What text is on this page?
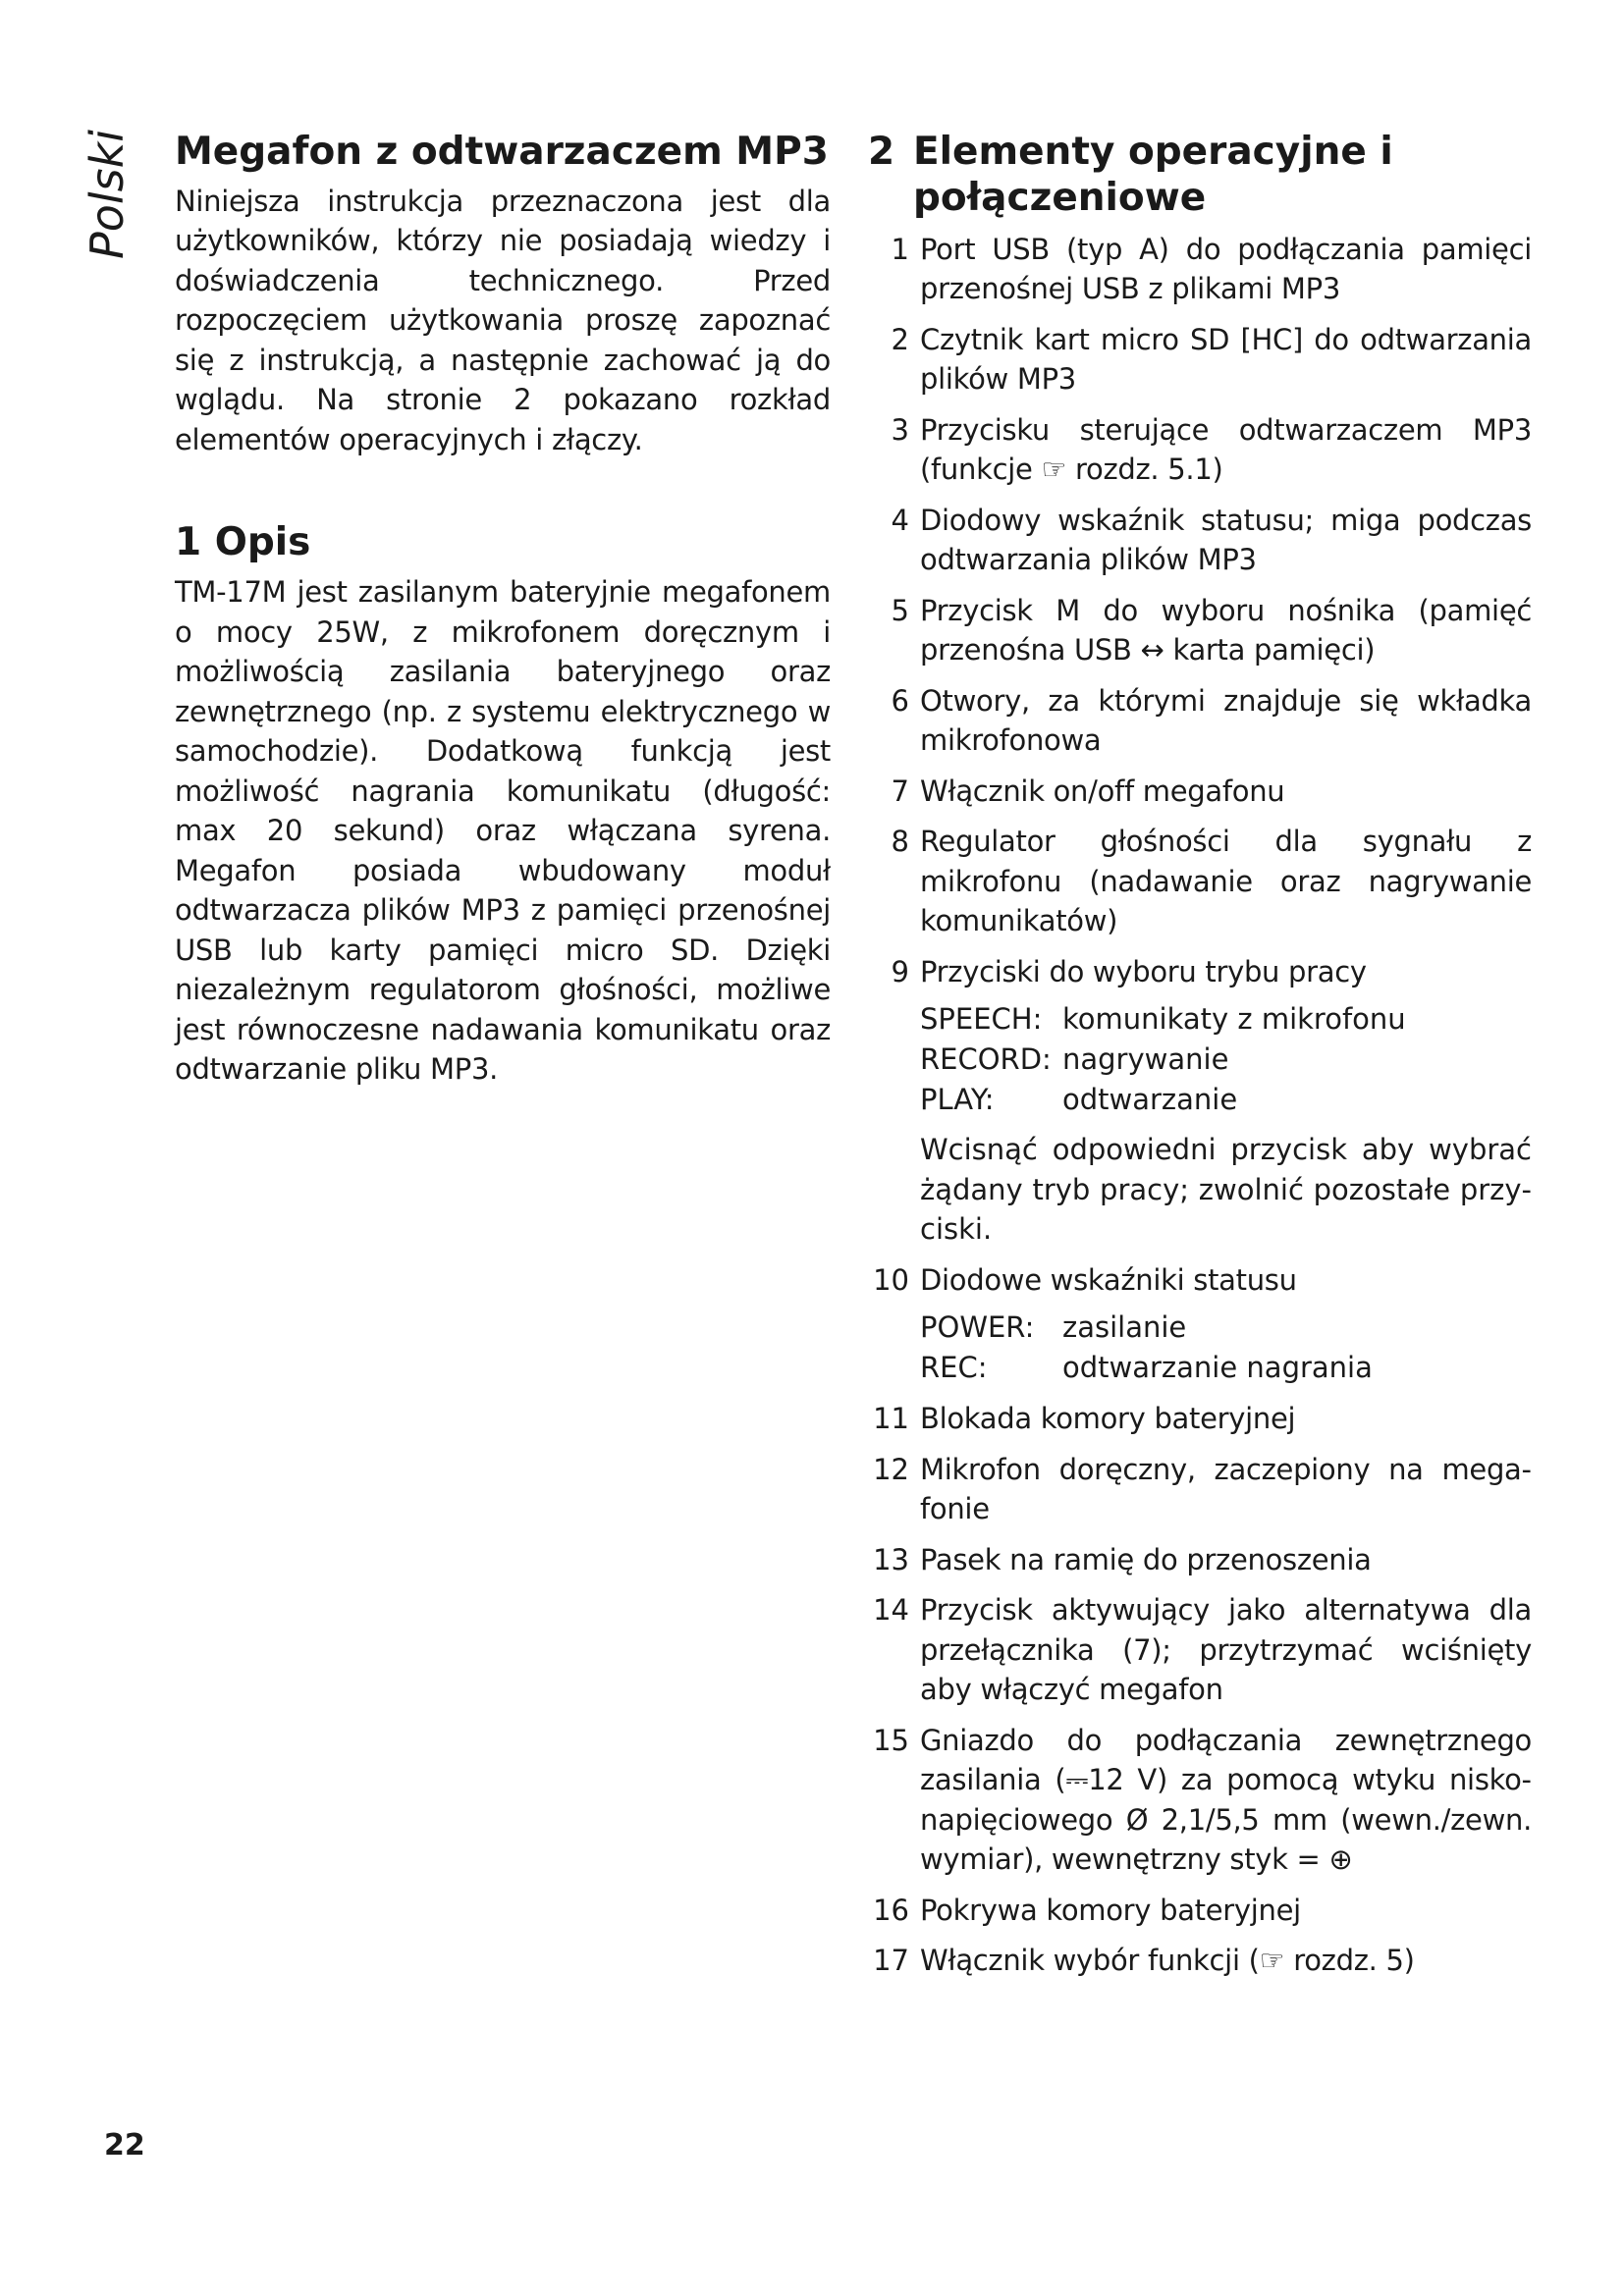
Polski Megafon z odtwarzaczem MP3

Niniejsza instrukcja przeznaczona jest dla użytkowników, którzy nie posiadają wiedzy i doświadczenia technicznego. Przed rozpoczęciem użytkowania proszę zapoznać się z instrukcją, a następnie zachować ją do wglądu. Na stronie 2 pokazano rozkład elementów operacyjnych i złączy.

1 Opis

TM-17M jest zasilanym bateryjnie megafonem o mocy 25W, z mikrofonem doręcznym i możliwością zasilania bateryjnego oraz zewnętrznego (np. z systemu elektrycznego w samochodzie). Dodatkową funkcją jest możliwość nagrania komunikatu (długość: max 20 sekund) oraz włączana syrena. Megafon posiada wbudowany moduł odtwarzacza plików MP3 z pamięci przenośnej USB lub karty pamięci micro SD. Dzięki niezależnym regulatorom głośności, możliwe jest równoczesne nadawania komunikatu oraz odtwarzanie pliku MP3.

2 Elementy operacyjne i połączeniowe
1 Port USB (typ A) do podłączania pamięci przenośnej USB z plikami MP3
2 Czytnik kart micro SD [HC] do odtwarzania plików MP3
3 Przycisku sterujące odtwarzaczem MP3 (funkcje ☞ rozdz. 5.1)
4 Diodowy wskaźnik statusu; miga podczas odtwarzania plików MP3
5 Przycisk M do wyboru nośnika (pamięć przenośna USB ↔ karta pamięci)
6 Otwory, za którymi znajduje się wkładka mikrofonowa
7 Włącznik on/off megafonu
8 Regulator głośności dla sygnału z mikrofonu (nadawanie oraz nagrywanie komunikatów)
9 Przyciski do wyboru trybu pracy
SPEECH: komunikaty z mikrofonu
RECORD: nagrywanie
PLAY:	odtwarzanie
Wcisnąć odpowiedni przycisk aby wybrać żądany tryb pracy; zwolnić pozostałe przyciski.
10 Diodowe wskaźniki statusu
POWER: zasilanie
REC:	odtwarzanie nagrania
11 Blokada komory bateryjnej
12 Mikrofon doręczny, zaczepiony na megafonie
13 Pasek na ramię do przenoszenia
14 Przycisk aktywujący jako alternatywa dla przełącznika (7); przytrzymać wciśnięty aby włączyć megafon
15 Gniazdo do podłączania zewnętrznego zasilania (⎓12 V) za pomocą wtyku niskonapięciowego Ø 2,1/5,5 mm (wewn./zewn. wymiar), wewnętrzny styk = ⊕
16 Pokrywa komory bateryjnej
17 Włącznik wybór funkcji (☞ rozdz. 5)
22
